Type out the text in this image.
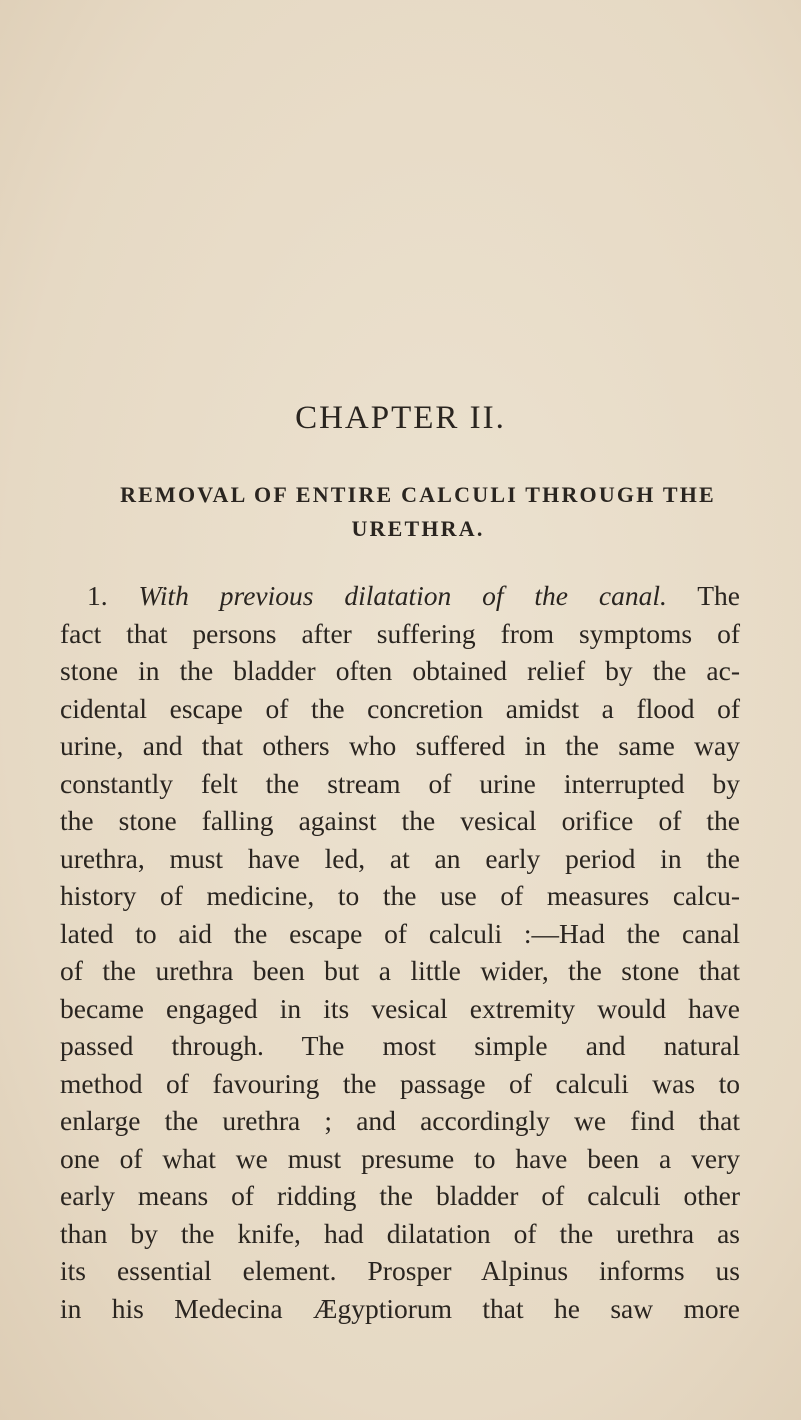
CHAPTER II.
REMOVAL OF ENTIRE CALCULI THROUGH THE URETHRA.
1. With previous dilatation of the canal. The
fact that persons after suffering from symptoms of
stone in the bladder often obtained relief by the ac-
cidental escape of the concretion amidst a flood of
urine, and that others who suffered in the same way
constantly felt the stream of urine interrupted by
the stone falling against the vesical orifice of the
urethra, must have led, at an early period in the
history of medicine, to the use of measures calcu-
lated to aid the escape of calculi :—Had the canal
of the urethra been but a little wider, the stone that
became engaged in its vesical extremity would have
passed through. The most simple and natural
method of favouring the passage of calculi was to
enlarge the urethra ; and accordingly we find that
one of what we must presume to have been a very
early means of ridding the bladder of calculi other
than by the knife, had dilatation of the urethra as
its essential element. Prosper Alpinus informs us
in his Medecina Ægyptiorum that he saw more
